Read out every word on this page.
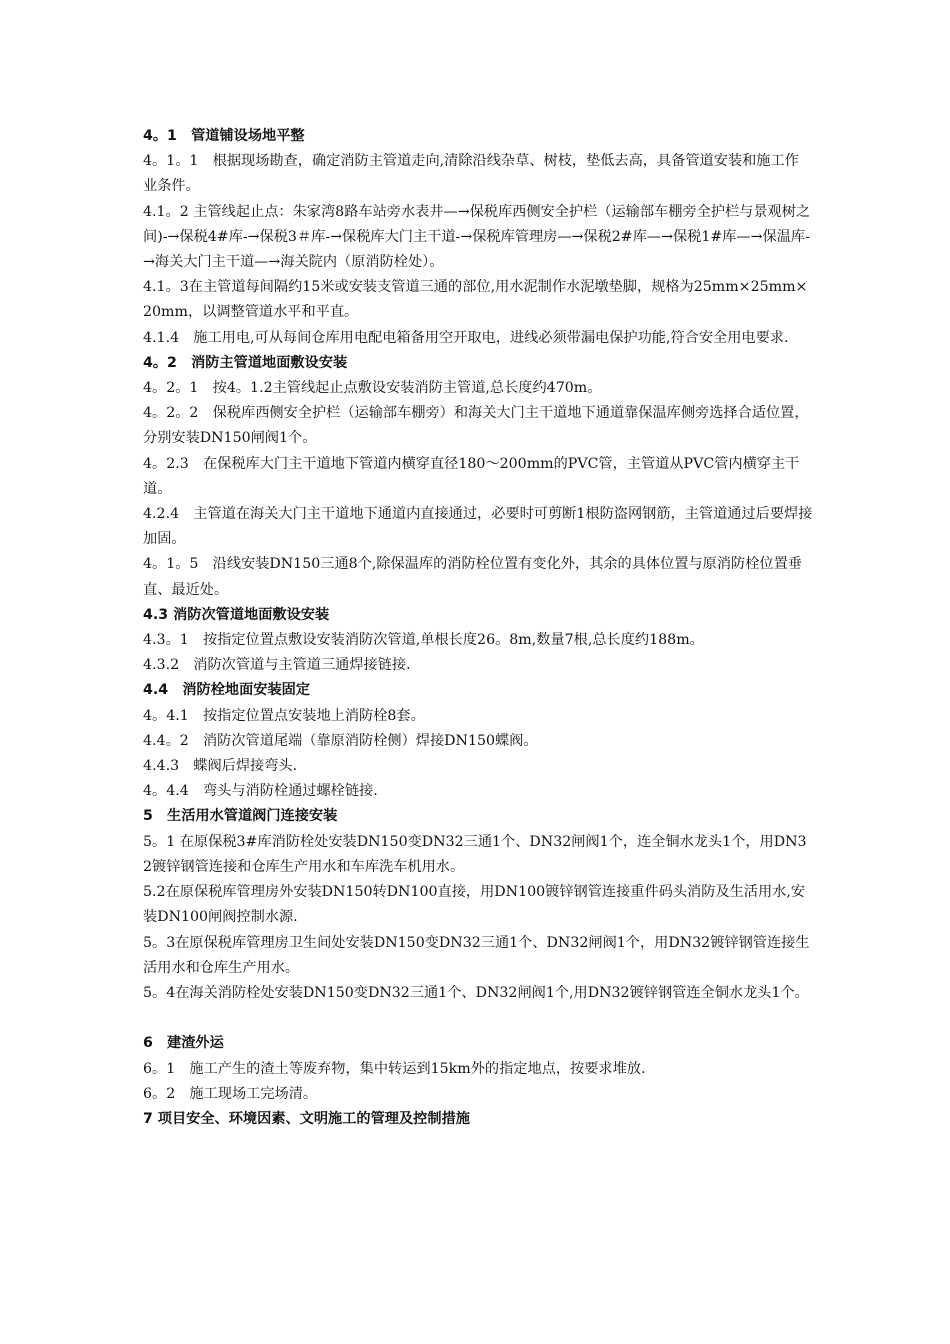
4。1　管道铺设场地平整

4。1。1　根据现场勘查，确定消防主管道走向,清除沿线杂草、树枝，垫低去高，具备管道安装和施工作业条件。

4.1。2 主管线起止点：朱家湾8路车站旁水表井—→保税库西侧安全护栏（运输部车棚旁全护栏与景观树之间)-→保税4#库-→保税3＃库-→保税库大门主干道-→保税库管理房—→保税2#库—→保税1#库—→保温库-→海关大门主干道—→海关院内（原消防栓处）。

4.1。3在主管道每间隔约15米或安装支管道三通的部位,用水泥制作水泥墩垫脚，规格为25mm×25mm×20mm，以调整管道水平和平直。

4.1.4　施工用电,可从每间仓库用电配电箱备用空开取电，进线必须带漏电保护功能,符合安全用电要求.

4。2　消防主管道地面敷设安装

4。2。1　按4。1.2主管线起止点敷设安装消防主管道,总长度约470m。

4。2。2　保税库西侧安全护栏（运输部车棚旁）和海关大门主干道地下通道靠保温库侧旁选择合适位置，分别安装DN150闸阀1个。

4。2.3　在保税库大门主干道地下管道内横穿直径180～200mm的PVC管，主管道从PVC管内横穿主干道。

4.2.4　主管道在海关大门主干道地下通道内直接通过，必要时可剪断1根防盗网钢筋，主管道通过后要焊接加固。

4。1。5　沿线安装DN150三通8个,除保温库的消防栓位置有变化外，其余的具体位置与原消防栓位置垂直、最近处。

4.3 消防次管道地面敷设安装

4.3。1　按指定位置点敷设安装消防次管道,单根长度26。8m,数量7根,总长度约188m。

4.3.2　消防次管道与主管道三通焊接链接.

4.4　消防栓地面安装固定

4。4.1　按指定位置点安装地上消防栓8套。

4.4。2　消防次管道尾端（靠原消防栓侧）焊接DN150蝶阀。

4.4.3　蝶阀后焊接弯头.

4。4.4　弯头与消防栓通过螺栓链接.

5　生活用水管道阀门连接安装

5。1 在原保税3#库消防栓处安装DN150变DN32三通1个、DN32闸阀1个，连全铜水龙头1个，用DN32镀锌钢管连接和仓库生产用水和车库洗车机用水。

5.2在原保税库管理房外安装DN150转DN100直接，用DN100镀锌钢管连接重件码头消防及生活用水,安装DN100闸阀控制水源.

5。3在原保税库管理房卫生间处安装DN150变DN32三通1个、DN32闸阀1个，用DN32镀锌钢管连接生活用水和仓库生产用水。

5。4在海关消防栓处安装DN150变DN32三通1个、DN32闸阀1个,用DN32镀锌钢管连全铜水龙头1个。

6　建渣外运

6。1　施工产生的渣土等废弃物，集中转运到15km外的指定地点，按要求堆放.

6。2　施工现场工完场清。

7 项目安全、环境因素、文明施工的管理及控制措施
